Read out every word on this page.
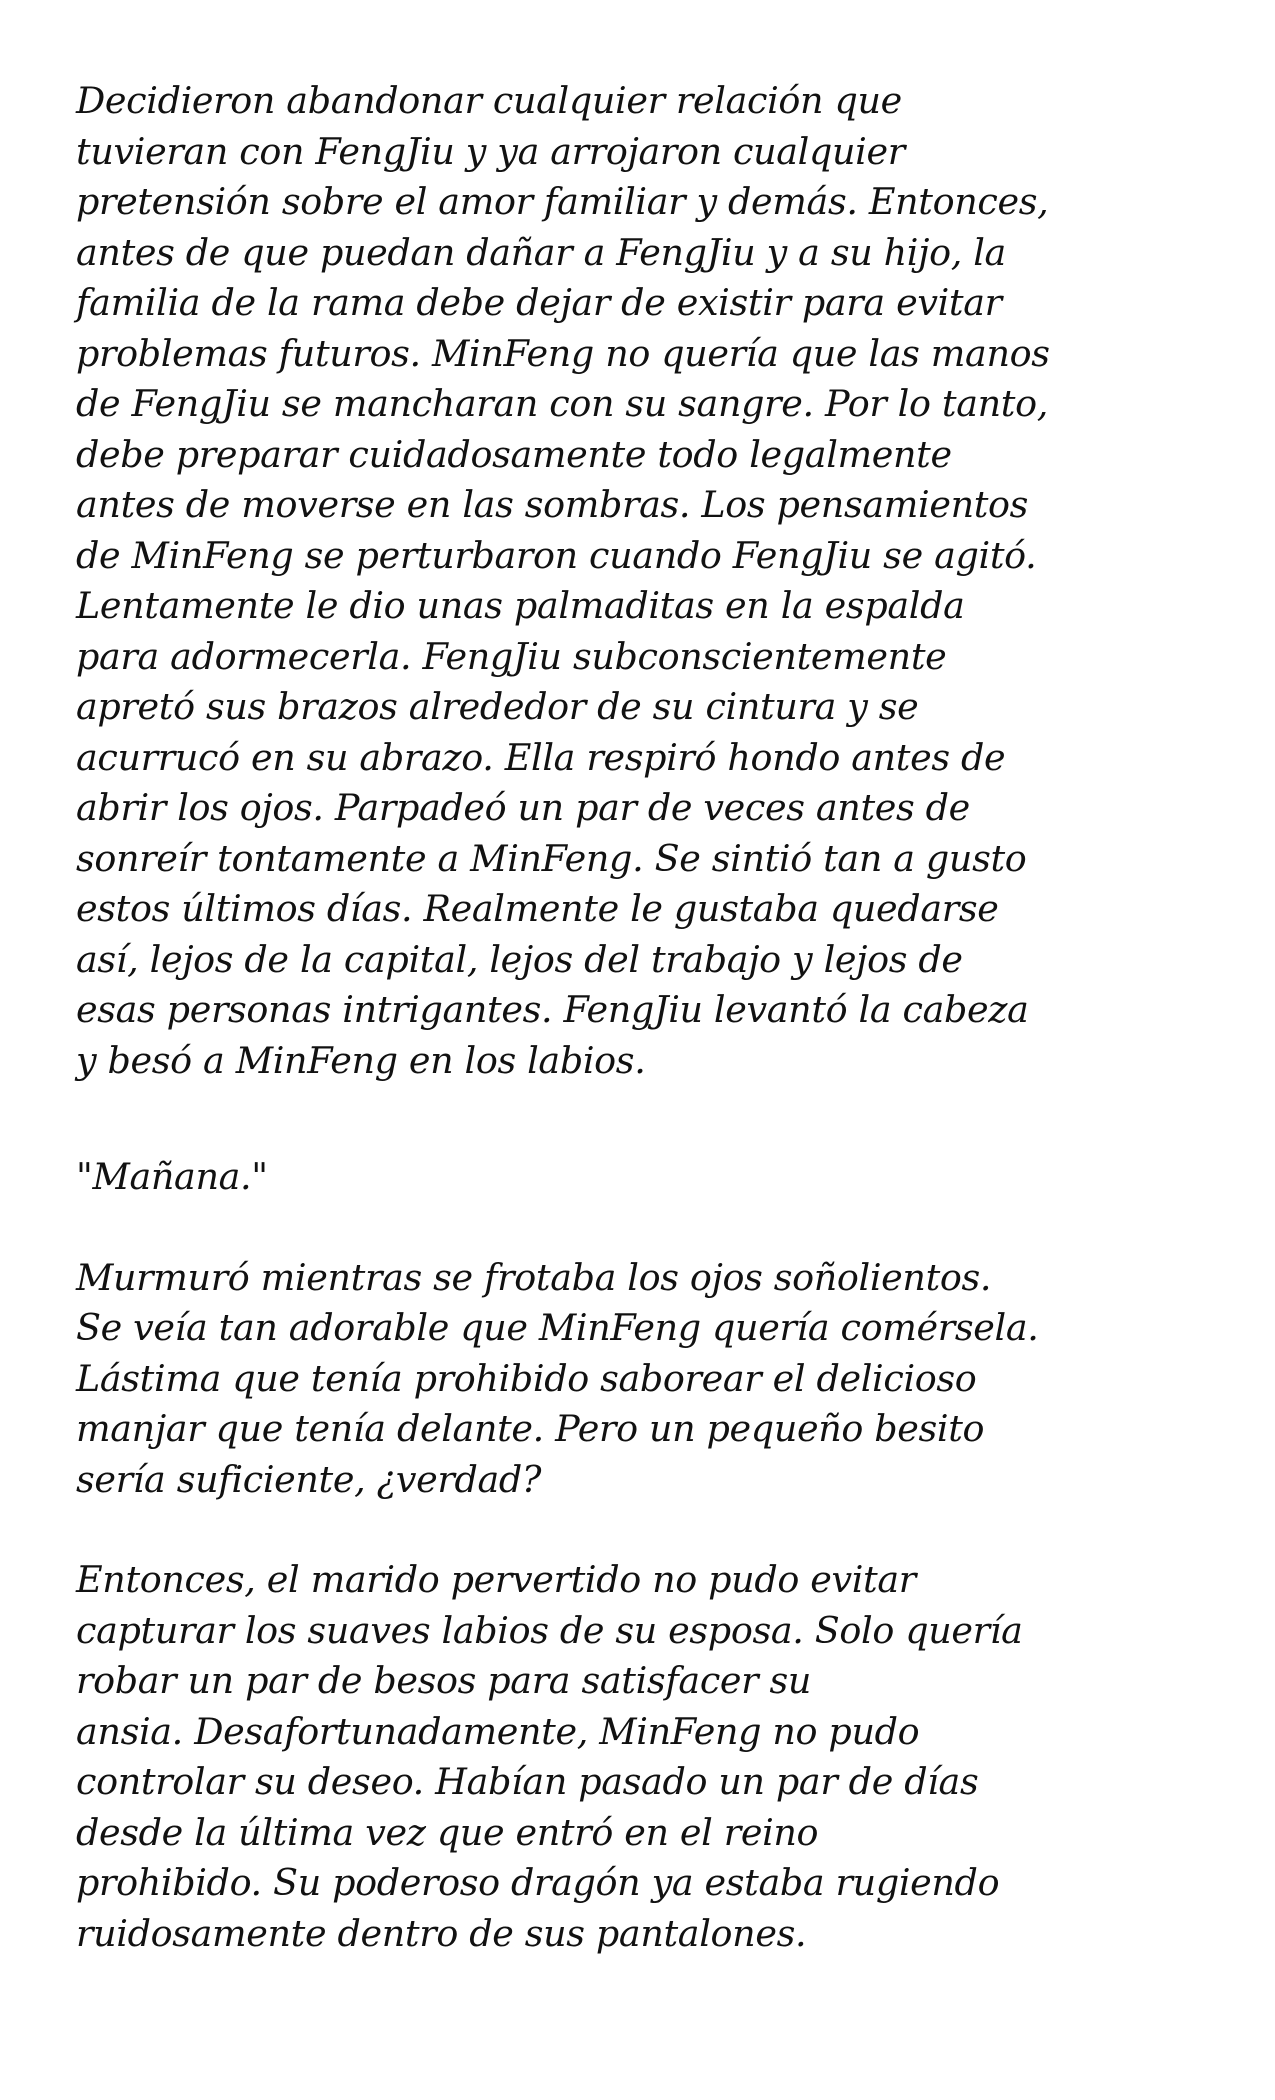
Decidieron abandonar cualquier relación que
tuvieran con FengJiu y ya arrojaron cualquier
pretensión sobre el amor familiar y demás. Entonces,
antes de que puedan dañar a FengJiu y a su hijo, la
familia de la rama debe dejar de existir para evitar
problemas futuros. MinFeng no quería que las manos
de FengJiu se mancharan con su sangre. Por lo tanto,
debe preparar cuidadosamente todo legalmente
antes de moverse en las sombras. Los pensamientos
de MinFeng se perturbaron cuando FengJiu se agitó.
Lentamente le dio unas palmaditas en la espalda
para adormecerla. FengJiu subconscientemente
apretó sus brazos alrededor de su cintura y se
acurrucó en su abrazo. Ella respiró hondo antes de
abrir los ojos. Parpadeó un par de veces antes de
sonreír tontamente a MinFeng. Se sintió tan a gusto
estos últimos días. Realmente le gustaba quedarse
así, lejos de la capital, lejos del trabajo y lejos de
esas personas intrigantes. FengJiu levantó la cabeza
y besó a MinFeng en los labios.

"Mañana."

Murmuró mientras se frotaba los ojos soñolientos.
Se veía tan adorable que MinFeng quería comérsela.
Lástima que tenía prohibido saborear el delicioso
manjar que tenía delante. Pero un pequeño besito
sería suficiente, ¿verdad?

Entonces, el marido pervertido no pudo evitar
capturar los suaves labios de su esposa. Solo quería
robar un par de besos para satisfacer su
ansia. Desafortunadamente, MinFeng no pudo
controlar su deseo. Habían pasado un par de días
desde la última vez que entró en el reino
prohibido. Su poderoso dragón ya estaba rugiendo
ruidosamente dentro de sus pantalones.
